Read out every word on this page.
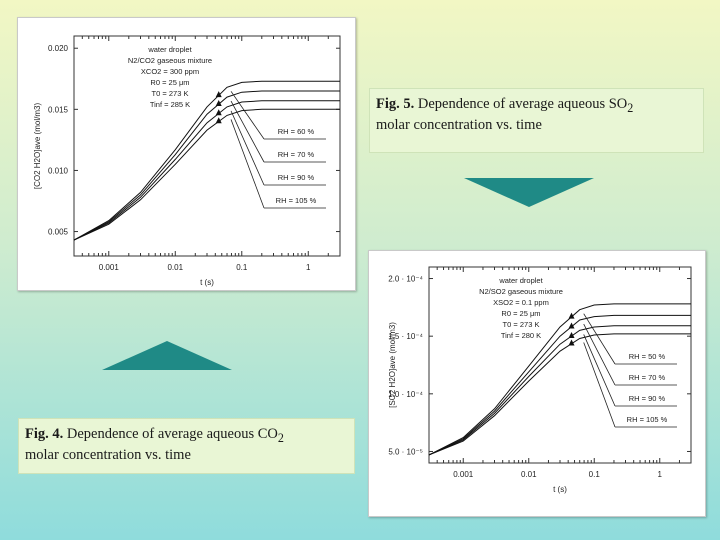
0.005
0.010
0.015
0.020
0.001	0.01	0.1	1
t (s)
[CO2 H2O]ave (mol/m3)
water droplet
N2/CO2 gaseous mixture
XCO2 = 300 ppm
R0 = 25 μm
T0 = 273 K
Tinf = 285 K
RH = 60 %
RH = 70 %
RH = 90 %
RH = 105 %
Fig. 5. Dependence of average aqueous $SO_2$
molar concentration vs. time
Fig. 4. Dependence of average aqueous $CO_2$
molar concentration vs. time	5.0 · 10⁻⁵
1.0 · 10⁻⁴
1.5 · 10⁻⁴
2.0 · 10⁻⁴
0.001	0.01	0.1	1
t (s)
[SO2 H2O]ave (mol/m3)
water droplet
N2/SO2 gaseous mixture
XSO2 = 0.1 ppm
R0 = 25 μm
T0 = 273 K
Tinf = 280 K
RH = 50 %
RH = 70 %
RH = 90 %
RH = 105 %
